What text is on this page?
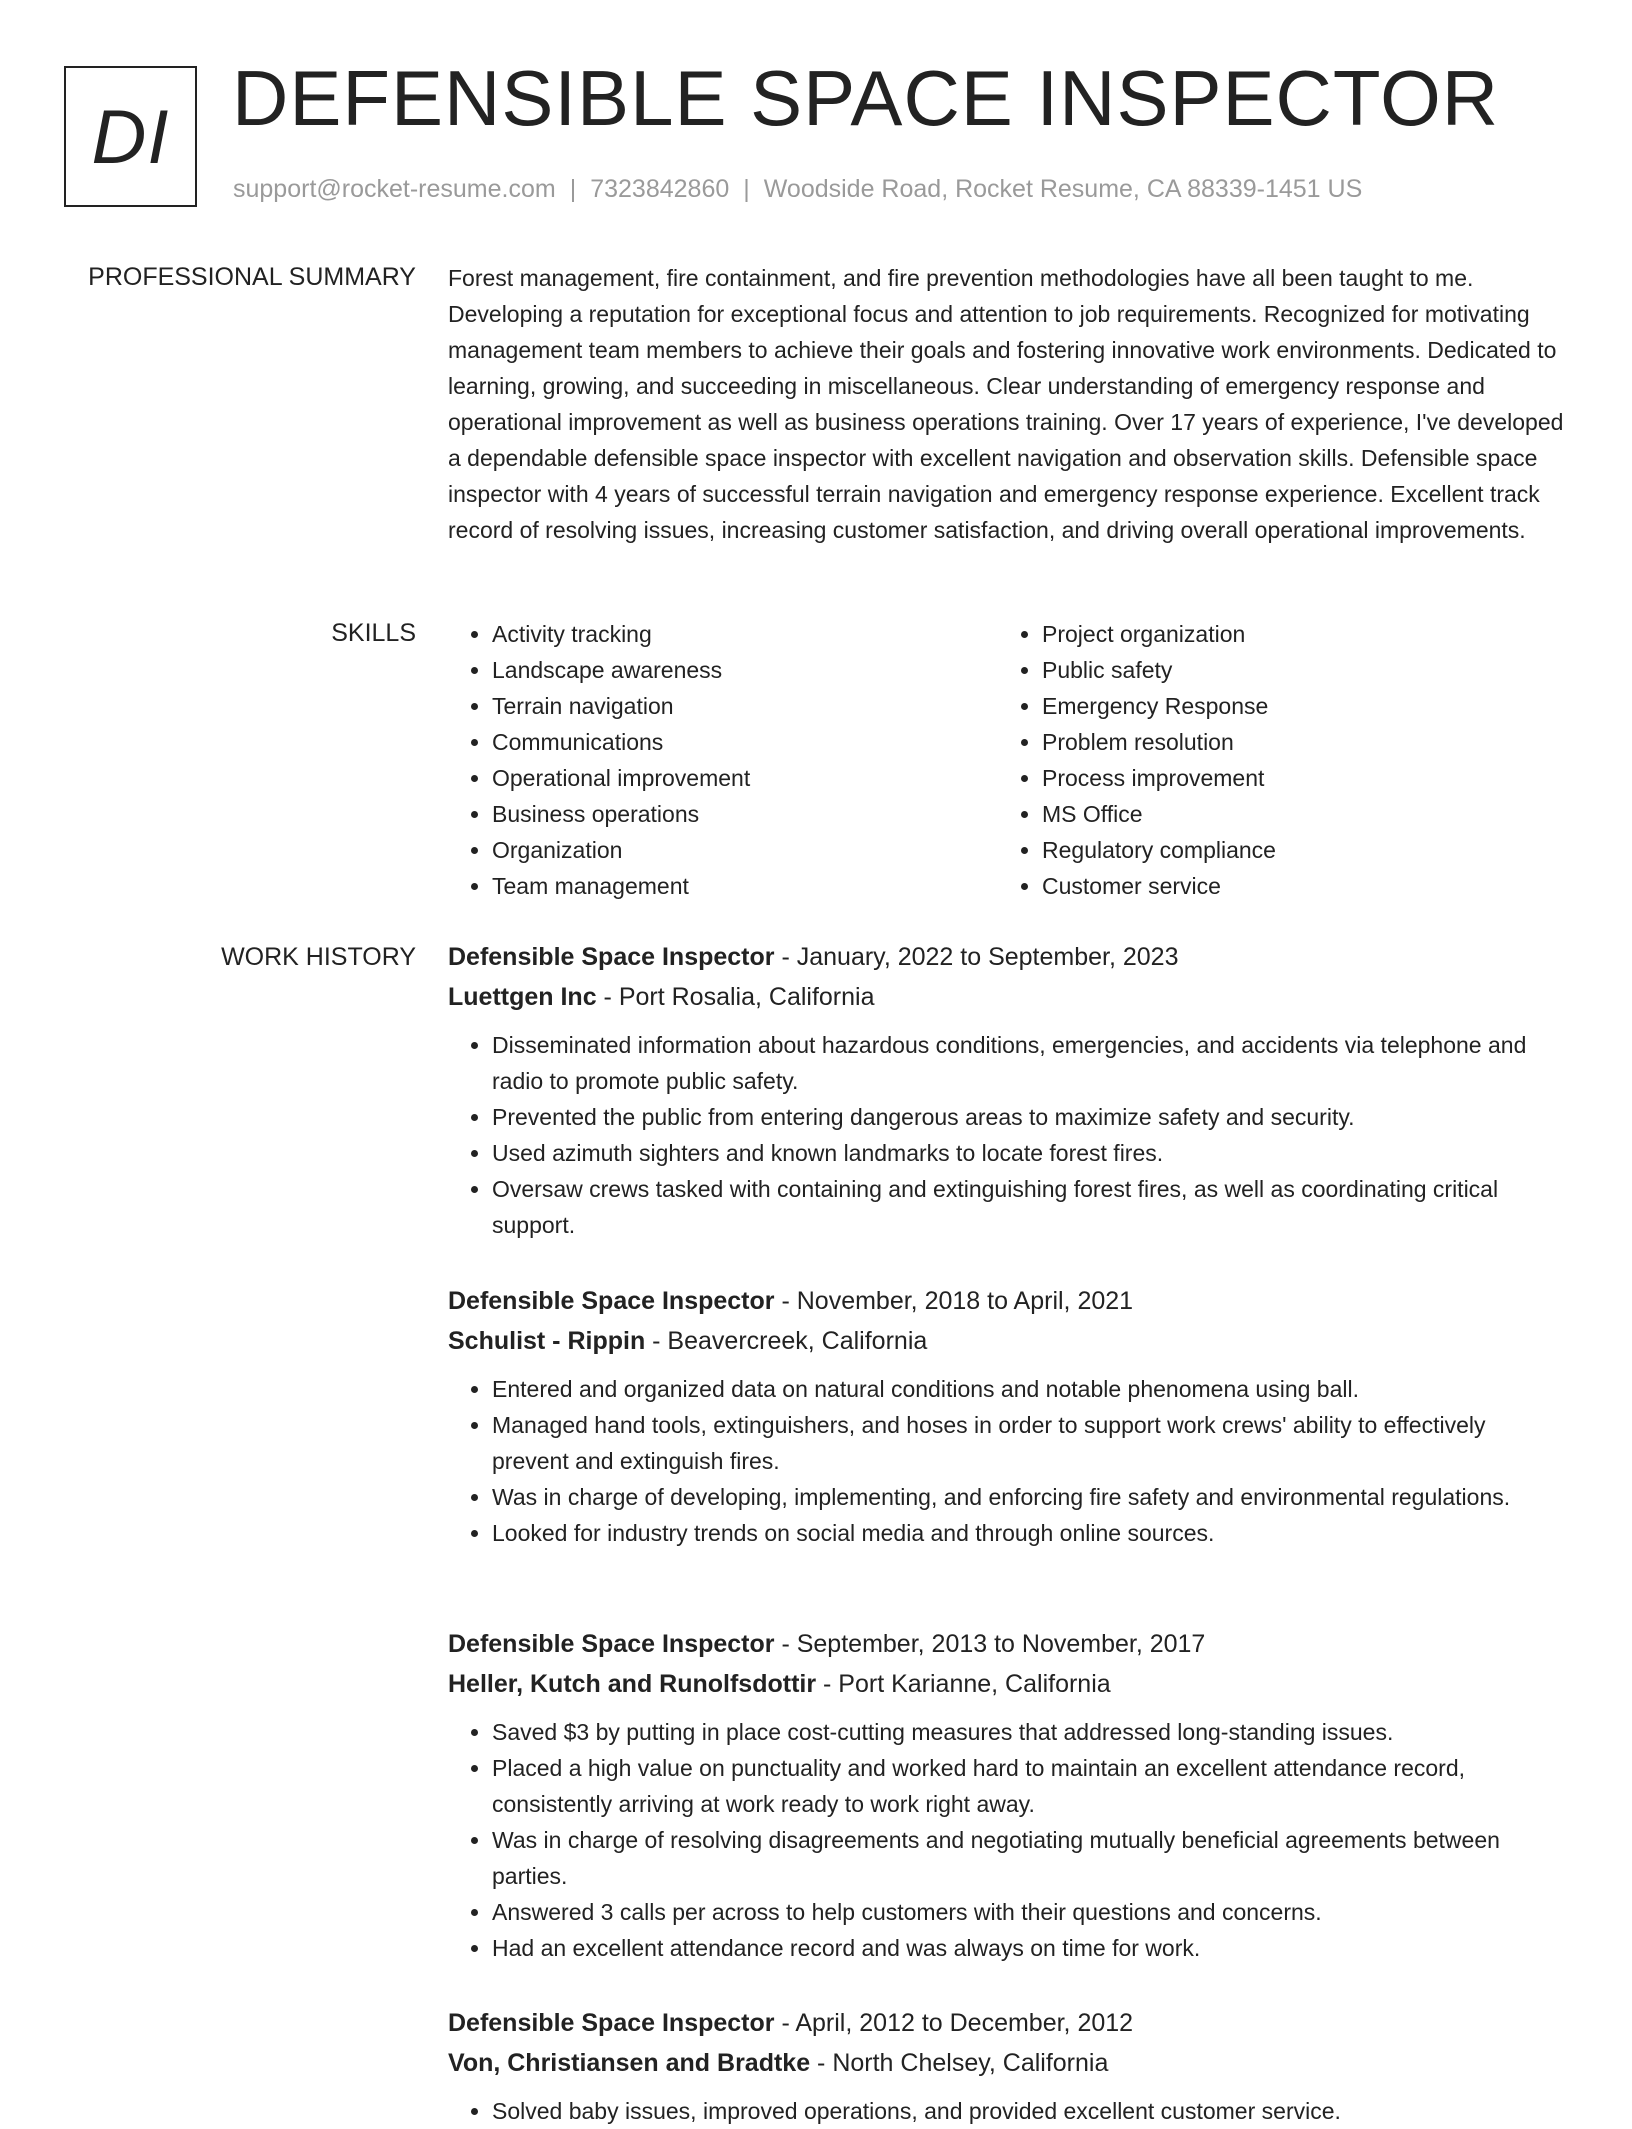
DI DEFENSIBLE SPACE INSPECTOR
support@rocket-resume.com | 7323842860 | Woodside Road, Rocket Resume, CA 88339-1451 US
PROFESSIONAL SUMMARY Forest management, fire containment, and fire prevention methodologies have all been taught to me. Developing a reputation for exceptional focus and attention to job requirements. Recognized for motivating management team members to achieve their goals and fostering innovative work environments. Dedicated to learning, growing, and succeeding in miscellaneous. Clear understanding of emergency response and operational improvement as well as business operations training. Over 17 years of experience, I've developed a dependable defensible space inspector with excellent navigation and observation skills. Defensible space inspector with 4 years of successful terrain navigation and emergency response experience. Excellent track record of resolving issues, increasing customer satisfaction, and driving overall operational improvements.

SKILLS
•	Activity tracking
• Landscape awareness
• Terrain navigation
• Communications
• Operational improvement
• Business operations
• Organization
• Team management
• Project organization
• Public safety
• Emergency Response
• Problem resolution
• Process improvement
• MS Office
• Regulatory compliance
• Customer service
WORK HISTORY Defensible Space Inspector - January, 2022 to September, 2023
Luettgen Inc - Port Rosalia, California
• Disseminated information about hazardous conditions, emergencies, and accidents via telephone and radio to promote public safety.
• Prevented the public from entering dangerous areas to maximize safety and security.
• Used azimuth sighters and known landmarks to locate forest fires.
• Oversaw crews tasked with containing and extinguishing forest fires, as well as coordinating critical support.
Defensible Space Inspector - November, 2018 to April, 2021
Schulist - Rippin - Beavercreek, California
• Entered and organized data on natural conditions and notable phenomena using ball.
• Managed hand tools, extinguishers, and hoses in order to support work crews' ability to effectively prevent and extinguish fires.
• Was in charge of developing, implementing, and enforcing fire safety and environmental regulations.
• Looked for industry trends on social media and through online sources.
Defensible Space Inspector - September, 2013 to November, 2017
Heller, Kutch and Runolfsdottir - Port Karianne, California
• Saved $3 by putting in place cost-cutting measures that addressed long-standing issues.
• Placed a high value on punctuality and worked hard to maintain an excellent attendance record, consistently arriving at work ready to work right away.
• Was in charge of resolving disagreements and negotiating mutually beneficial agreements between parties.
• Answered 3 calls per across to help customers with their questions and concerns.
• Had an excellent attendance record and was always on time for work.
Defensible Space Inspector - April, 2012 to December, 2012
Von, Christiansen and Bradtke - North Chelsey, California
• Solved baby issues, improved operations, and provided excellent customer service.
